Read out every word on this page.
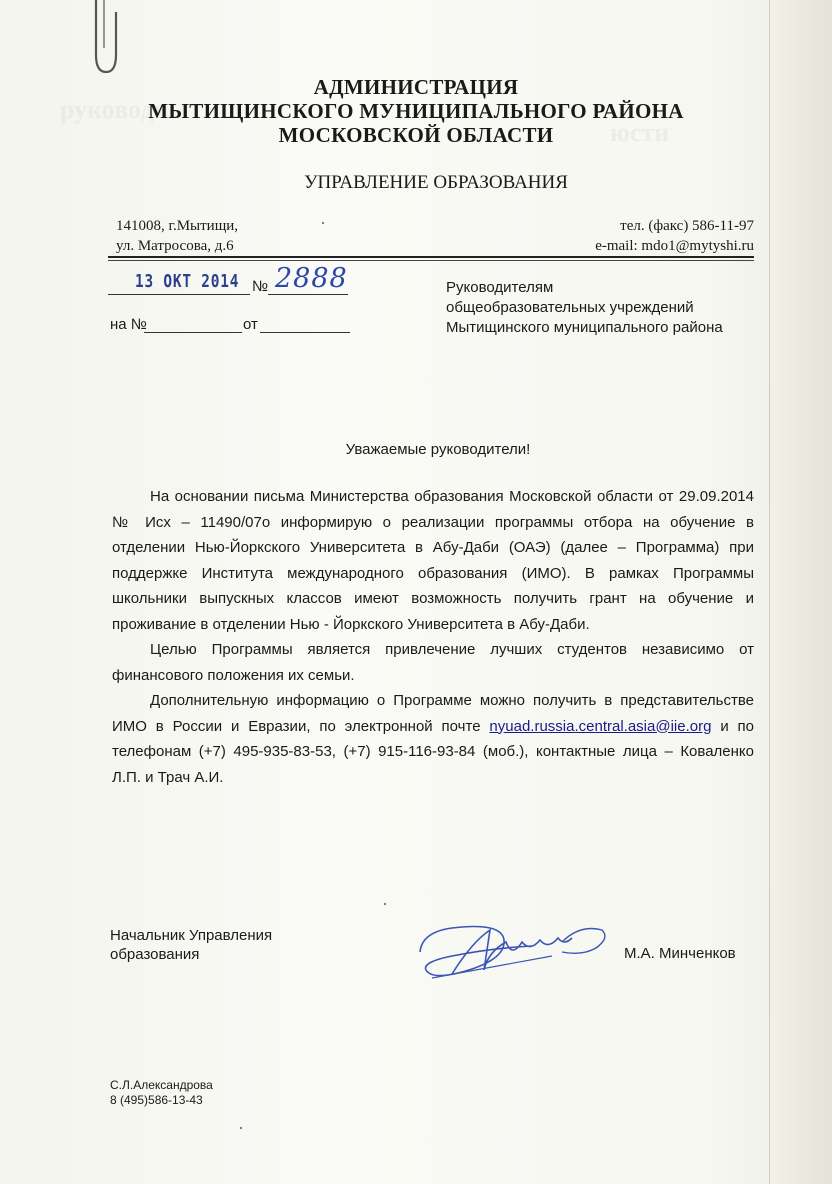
руководи
юсти
АДМИНИСТРАЦИЯ
МЫТИЩИНСКОГО МУНИЦИПАЛЬНОГО РАЙОНА
МОСКОВСКОЙ ОБЛАСТИ
УПРАВЛЕНИЕ ОБРАЗОВАНИЯ
141008, г.Мытищи,
ул. Матросова, д.6
тел. (факс) 586-11-97
e-mail: mdo1@mytyshi.ru
13 ОКТ 2014 № 2888
на №	от
Руководителям
общеобразовательных учреждений
Мытищинского муниципального района
Уважаемые руководители!

На основании письма Министерства образования Московской области от 29.09.2014 № Исх – 11490/07о информирую о реализации программы отбора на обучение в отделении Нью-Йоркского Университета в Абу-Даби (ОАЭ) (далее – Программа) при поддержке Института международного образования (ИМО). В рамках Программы школьники выпускных классов имеют возможность получить грант на обучение и проживание в отделении Нью - Йоркского Университета в Абу-Даби.

Целью Программы является привлечение лучших студентов независимо от финансового положения их семьи.

Дополнительную информацию о Программе можно получить в представительстве ИМО в России и Евразии, по электронной почте nyuad.russia.central.asia@iie.org и по телефонам (+7) 495-935-83-53, (+7) 915-116-93-84 (моб.), контактные лица – Коваленко Л.П. и Трач А.И.

Начальник Управления
образования	М.А. Минченков
С.Л.Александрова
8 (495)586-13-43
